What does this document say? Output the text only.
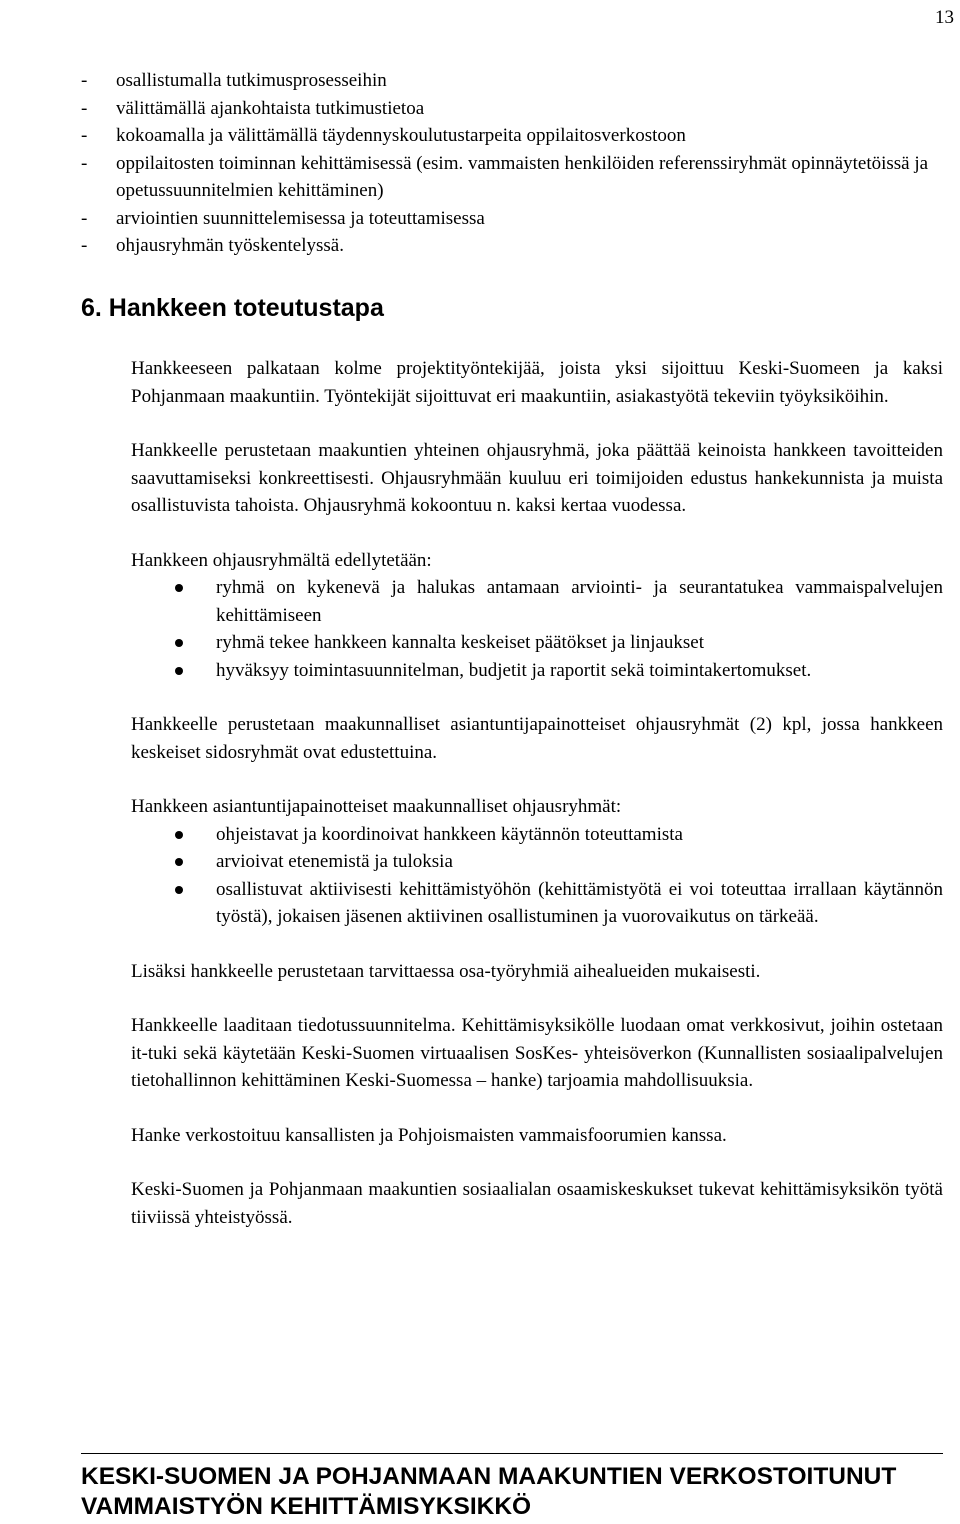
13
- osallistumalla tutkimusprosesseihin
- välittämällä ajankohtaista tutkimustietoa
- kokoamalla ja välittämällä täydennyskoulutustarpeita oppilaitosverkostoon
- oppilaitosten toiminnan kehittämisessä (esim. vammaisten henkilöiden referenssiryhmät opinnäytetöissä ja opetussuunnitelmien kehittäminen)
- arviointien suunnittelemisessa ja toteuttamisessa
- ohjausryhmän työskentelyssä.
6. Hankkeen toteutustapa

Hankkeeseen palkataan kolme projektityöntekijää, joista yksi sijoittuu Keski-Suomeen ja kaksi Pohjanmaan maakuntiin. Työntekijät sijoittuvat eri maakuntiin, asiakastyötä tekeviin työyksiköihin.

Hankkeelle perustetaan maakuntien yhteinen ohjausryhmä, joka päättää keinoista hankkeen tavoitteiden saavuttamiseksi konkreettisesti. Ohjausryhmään kuuluu eri toimijoiden edustus hankekunnista ja muista osallistuvista tahoista. Ohjausryhmä kokoontuu n. kaksi kertaa vuodessa.

Hankkeen ohjausryhmältä edellytetään:

ryhmä on kykenevä ja halukas antamaan arviointi- ja seurantatukea vammaispalvelujen kehittämiseen
ryhmä tekee hankkeen kannalta keskeiset päätökset ja linjaukset
hyväksyy toimintasuunnitelman, budjetit ja raportit sekä toimintakertomukset.

Hankkeelle perustetaan maakunnalliset asiantuntijapainotteiset ohjausryhmät (2) kpl, jossa hankkeen keskeiset sidosryhmät ovat edustettuina.

Hankkeen asiantuntijapainotteiset maakunnalliset ohjausryhmät:

ohjeistavat ja koordinoivat hankkeen käytännön toteuttamista
arvioivat etenemistä ja tuloksia
osallistuvat aktiivisesti kehittämistyöhön (kehittämistyötä ei voi toteuttaa irrallaan käytännön työstä), jokaisen jäsenen aktiivinen osallistuminen ja vuorovaikutus on tärkeää.

Lisäksi hankkeelle perustetaan tarvittaessa osa-työryhmiä aihealueiden mukaisesti.

Hankkeelle laaditaan tiedotussuunnitelma. Kehittämisyksikölle luodaan omat verkkosivut, joihin ostetaan it-tuki sekä käytetään Keski-Suomen virtuaalisen SosKes- yhteisöverkon (Kunnallisten sosiaalipalvelujen tietohallinnon kehittäminen Keski-Suomessa – hanke) tarjoamia mahdollisuuksia.

Hanke verkostoituu kansallisten ja Pohjoismaisten vammaisfoorumien kanssa.

Keski-Suomen ja Pohjanmaan maakuntien sosiaalialan osaamiskeskukset tukevat kehittämisyksikön työtä tiiviissä yhteistyössä.

KESKI-SUOMEN JA POHJANMAAN MAAKUNTIEN VERKOSTOITUNUT
VAMMAISTYÖN KEHITTÄMISYKSIKKÖ
